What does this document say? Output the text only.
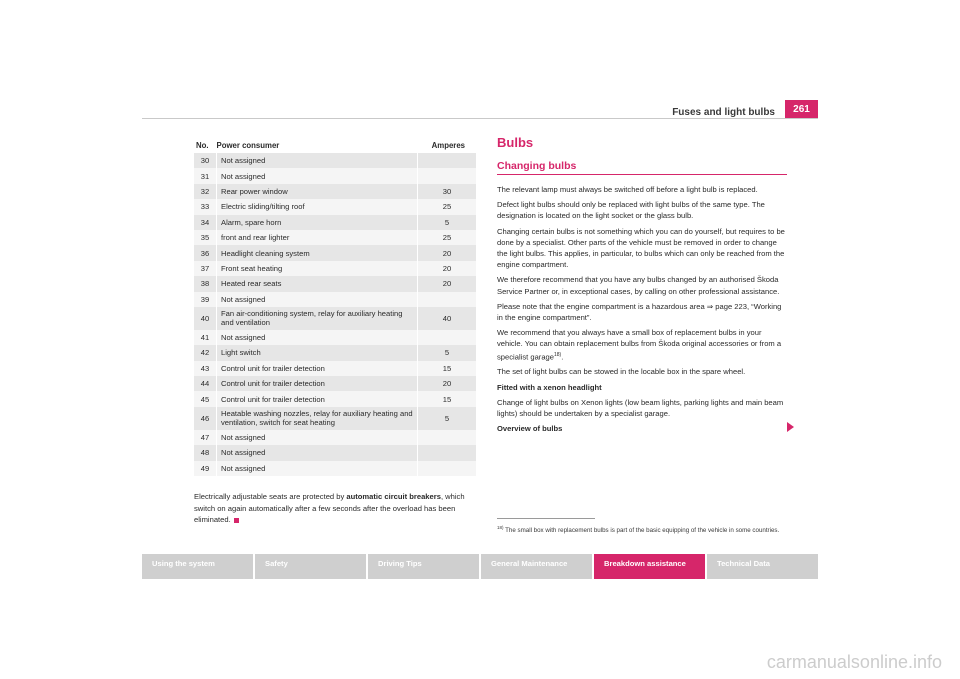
Fuses and light bulbs	261
No.	Power consumer	Amperes
30	Not assigned	
31	Not assigned	
32	Rear power window	30
33	Electric sliding/tilting roof	25
34	Alarm, spare horn	5
35	front and rear lighter	25
36	Headlight cleaning system	20
37	Front seat heating	20
38	Heated rear seats	20
39	Not assigned	
40	Fan air-conditioning system, relay for auxiliary heating and ventilation	40
41	Not assigned	
42	Light switch	5
43	Control unit for trailer detection	15
44	Control unit for trailer detection	20
45	Control unit for trailer detection	15
46	Heatable washing nozzles, relay for auxiliary heating and ventilation, switch for seat heating	5
47	Not assigned	
48	Not assigned	
49	Not assigned	
Electrically adjustable seats are protected by automatic circuit breakers, which switch on again automatically after a few seconds after the overload has been eliminated.
Bulbs
Changing bulbs

The relevant lamp must always be switched off before a light bulb is replaced.

Defect light bulbs should only be replaced with light bulbs of the same type. The designation is located on the light socket or the glass bulb.

Changing certain bulbs is not something which you can do yourself, but requires to be done by a specialist. Other parts of the vehicle must be removed in order to change the light bulbs. This applies, in particular, to bulbs which can only be reached from the engine compartment.

We therefore recommend that you have any bulbs changed by an authorised Škoda Service Partner or, in exceptional cases, by calling on other professional assistance.

Please note that the engine compartment is a hazardous area ⇒ page 223, “Working in the engine compartment”.

We recommend that you always have a small box of replacement bulbs in your vehicle. You can obtain replacement bulbs from Škoda original accessories or from a specialist garage$^{18)}$.

The set of light bulbs can be stowed in the locable box in the spare wheel.

Fitted with a xenon headlight

Change of light bulbs on Xenon lights (low beam lights, parking lights and main beam lights) should be undertaken by a specialist garage.

Overview of bulbs

$^{18)}$ The small box with replacement bulbs is part of the basic equipping of the vehicle in some countries.
Using the system	Safety	Driving Tips	General Maintenance	Breakdown assistance	Technical Data
carmanualsonline.info
